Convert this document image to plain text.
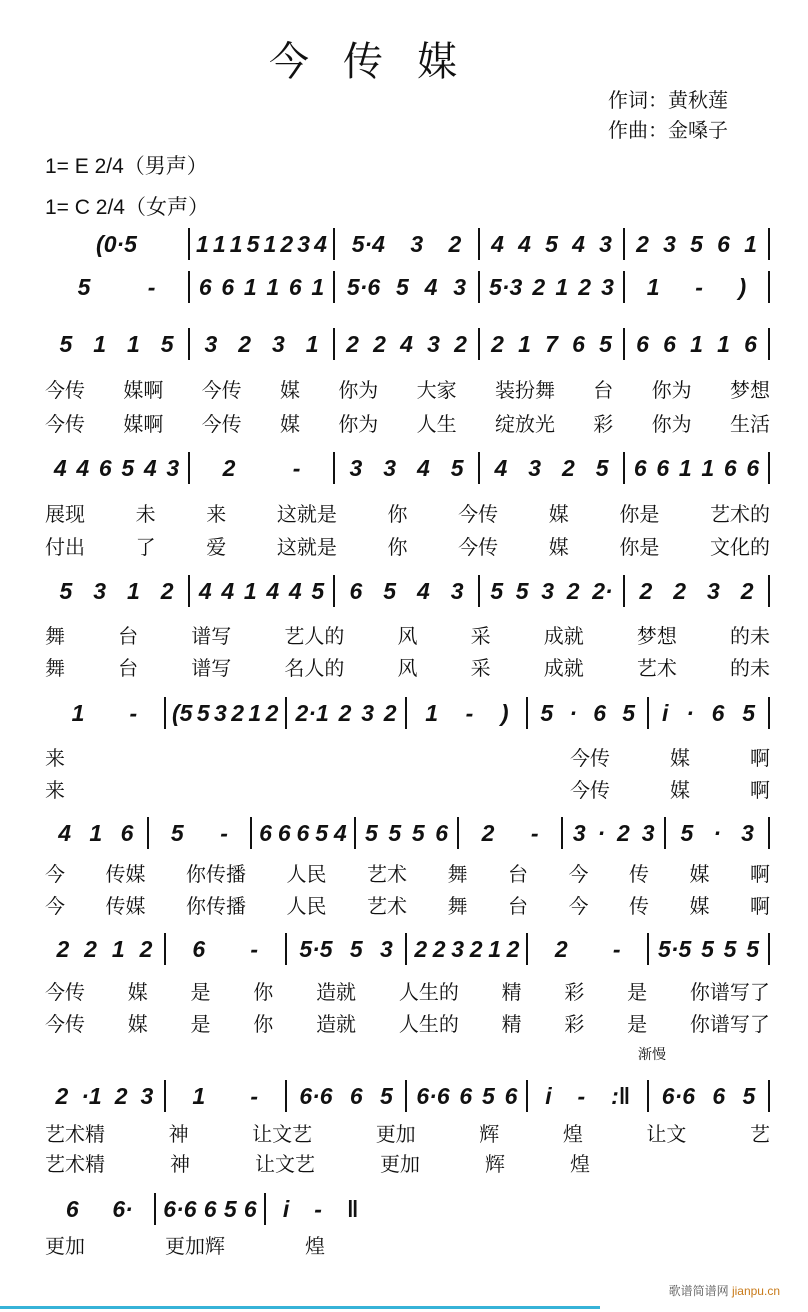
今传媒
作词：黄秋莲
作曲：金嗓子
1= E 2/4（男声）
1= C 2/4（女声）
歌谱简谱网 jianpu.cn
(0·5	1 1 1 5 1 2 3 4 5·4 3 2 4 4 5 4 3 2 3 5 6 1
5 - 6 6 1 1 6 1 5·6 5 4 3 5·3 2 1 2 3 1 - )
5 1 1 5 3 2 3 1 2 2 4 3 2 2 1 7 6 5 6 6 1 1 6
今传 媒啊 今传 媒 你为 大家 装扮舞 台 你为 梦想
今传 媒啊 今传 媒 你为 人生 绽放光 彩 你为 生活
4 4 6 5 4 3 2 - 3 3 4 5 4 3 2 5 6 6 1 1 6 6
展现	未	来	这就是	你	今传	媒	你是	艺术的
付出	了	爱	这就是	你	今传	媒	你是	文化的
5 3 1 2 4 4 1 4 4 5 6 5 4 3 5 5 3 2 2· 2 2 3 2
舞	台	谱写	艺人的	风	采	成就	梦想	的未
舞	台	谱写	名人的	风	采	成就	艺术	的未
1 - (5 5 3 2 1 2 2·1 2 3 2 1 - ) 5 · 6 5 i · 6 5
来	今传	媒	啊
来	今传	媒	啊
4 1 6 5 - 6 6 6 5 4 5 5 5 6 2 - 3 · 2 3 5 · 3
今 传媒 你传播 人民 艺术 舞 台 今 传 媒 啊
今 传媒 你传播 人民 艺术 舞 台 今 传 媒 啊
2 2 1 2 6 - 5·5 5 3 2 2 3 2 1 2 2 - 5·5 5 5 5
今传 媒 是 你 造就 人生的 精 彩 是 你谱写了
今传 媒 是 你 造就 人生的 精 彩 是 你谱写了
渐慢
2 ·1 2 3 1 - 6·6 6 5 6·6 6 5 6 i - :‖ 6·6 6 5
艺术精	神	让文艺	更加	辉	煌	让文	艺
艺术精	神	让文艺	更加	辉	煌
6 6· 6·6 6 5 6 i - ‖
更加	更加辉	煌
